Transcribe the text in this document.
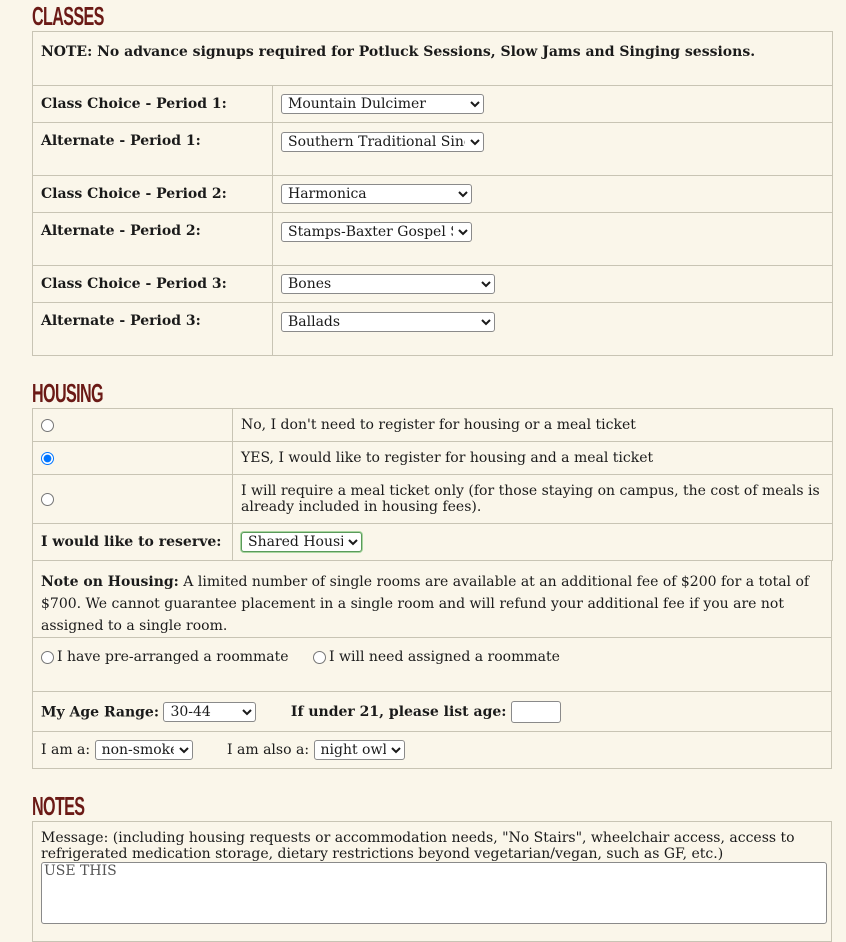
CLASSES
NOTE: No advance signups required for Potluck Sessions, Slow Jams and Singing sessions.	
Class Choice - Period 1:	
Mountain Dulcimer
Alternate - Period 1:	
Southern Traditional Singing
Class Choice - Period 2:	
Harmonica
Alternate - Period 2:	
Stamps-Baxter Gospel Sing
Class Choice - Period 3:	
Bones
Alternate - Period 3:	
Ballads
HOUSING
	No, I don't need to register for housing or a meal ticket
	YES, I would like to register for housing and a meal ticket
	I will require a meal ticket only (for those staying on campus, the cost of meals is already included in housing fees).
I would like to reserve:	
Shared Housing
Note on Housing: A limited number of single rooms are available at an additional fee of $200 for a total of $700. We cannot guarantee placement in a single room and will refund your additional fee if you are not assigned to a single room.
I have pre-arranged a roommate	I will need assigned a roommate
My Age Range:
30-44	If under 21, please list age:
I am a:
non-smoker	I am also a:
night owl
NOTES
Message: (including housing requests or accommodation needs, "No Stairs", wheelchair access, access to refrigerated medication storage, dietary restrictions beyond vegetarian/vegan, such as GF, etc.)
USE THIS
